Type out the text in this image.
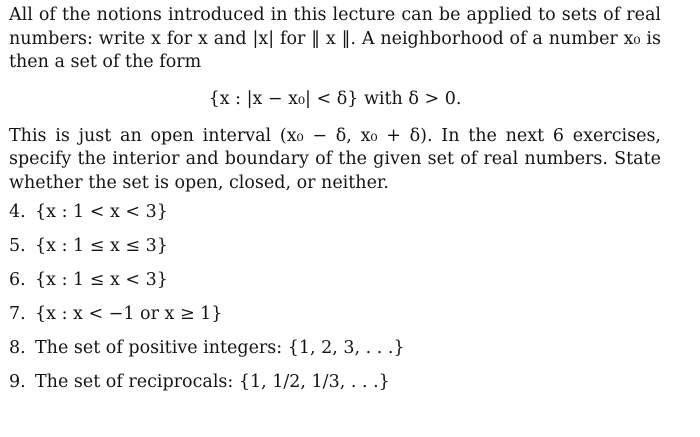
All of the notions introduced in this lecture can be applied to sets of real numbers: write x for x and |x| for ‖ x ‖. A neighborhood of a number x₀ is then a set of the form

{x : |x − x₀| < δ} with δ > 0.

This is just an open interval (x₀ − δ, x₀ + δ). In the next 6 exercises, specify the interior and boundary of the given set of real numbers. State whether the set is open, closed, or neither.

4. {x : 1 < x < 3}
5. {x : 1 ≤ x ≤ 3}
6. {x : 1 ≤ x < 3}
7. {x : x < −1 or x ≥ 1}
8. The set of positive integers: {1, 2, 3, . . .}
9. The set of reciprocals: {1, 1/2, 1/3, . . .}
